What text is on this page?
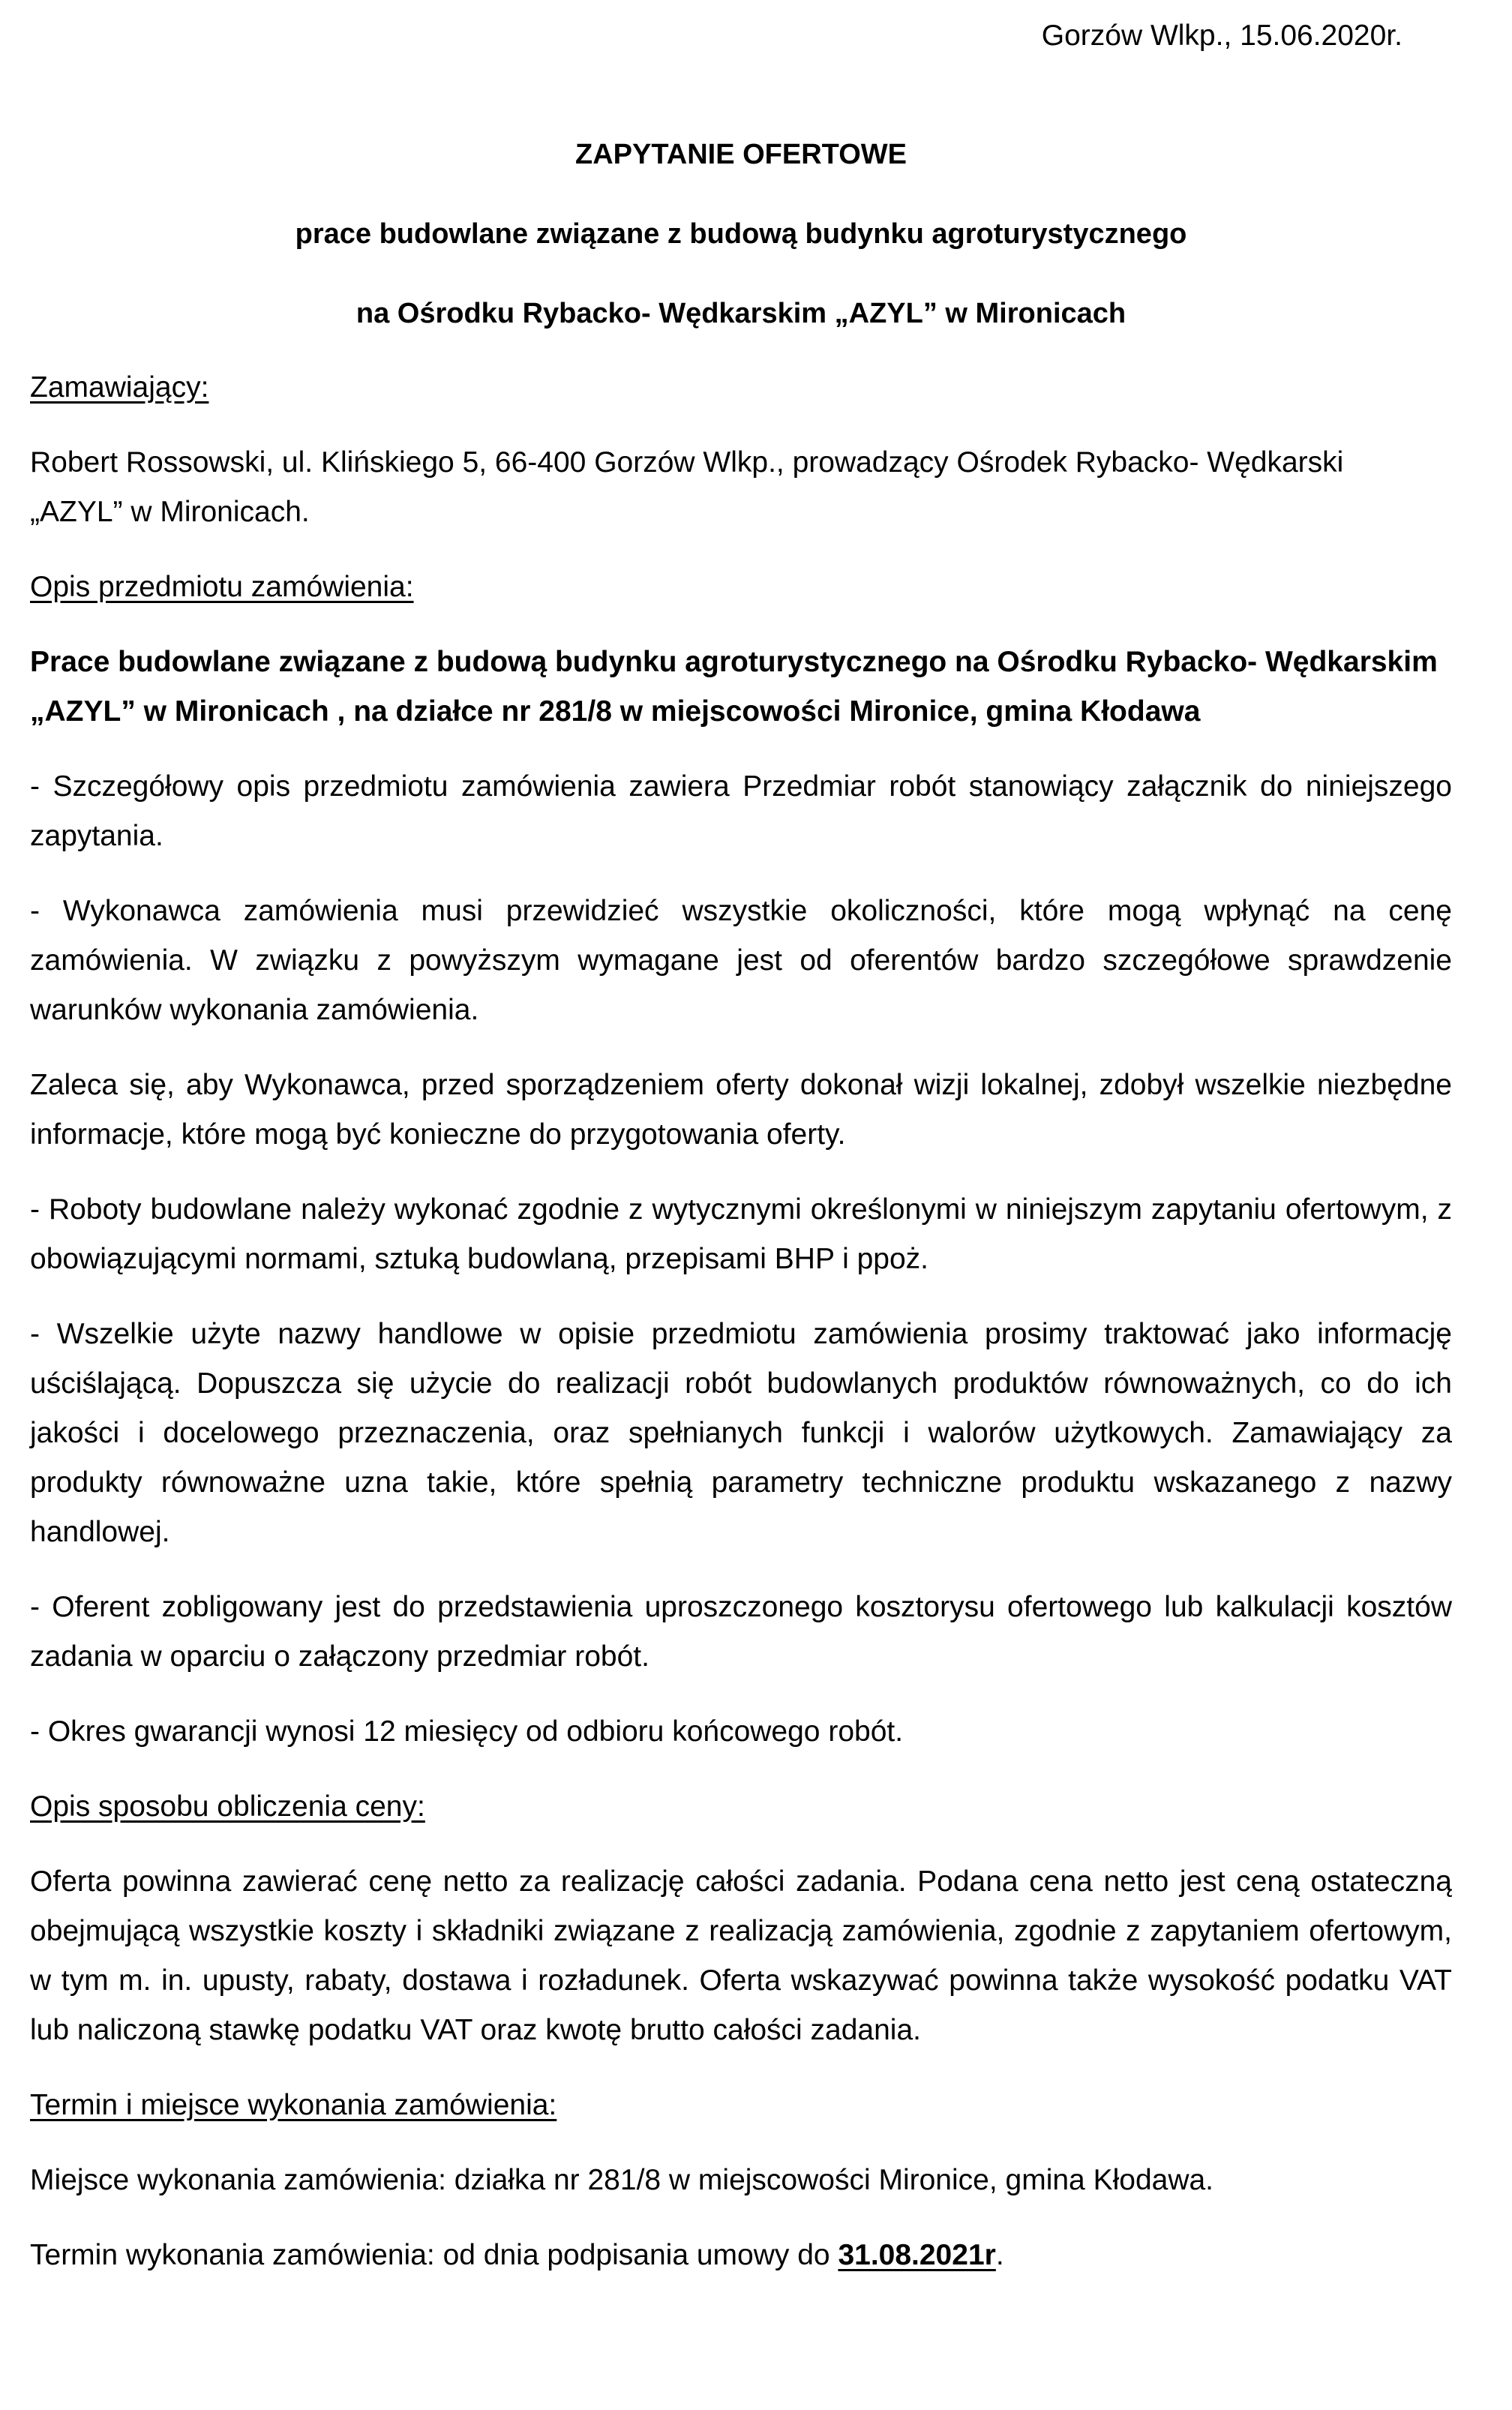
Gorzów Wlkp., 15.06.2020r.
ZAPYTANIE OFERTOWE
prace budowlane związane z budową budynku agroturystycznego
na Ośrodku Rybacko- Wędkarskim „AZYL” w Mironicach
Zamawiający:
Robert Rossowski, ul. Klińskiego 5, 66-400 Gorzów Wlkp., prowadzący Ośrodek Rybacko- Wędkarski „AZYL” w Mironicach.
Opis przedmiotu zamówienia:
Prace budowlane związane z budową budynku agroturystycznego na Ośrodku Rybacko- Wędkarskim „AZYL” w Mironicach , na działce nr 281/8 w miejscowości Mironice, gmina Kłodawa
- Szczegółowy opis przedmiotu zamówienia zawiera Przedmiar robót stanowiący załącznik do niniejszego zapytania.
- Wykonawca zamówienia musi przewidzieć wszystkie okoliczności, które mogą wpłynąć na cenę zamówienia. W związku z powyższym wymagane jest od oferentów bardzo szczegółowe sprawdzenie warunków wykonania zamówienia.
Zaleca się, aby Wykonawca, przed sporządzeniem oferty dokonał wizji lokalnej, zdobył wszelkie niezbędne informacje, które mogą być konieczne do przygotowania oferty.
- Roboty budowlane należy wykonać zgodnie z wytycznymi określonymi w niniejszym zapytaniu ofertowym, z obowiązującymi normami, sztuką budowlaną, przepisami BHP i ppoż.
- Wszelkie użyte nazwy handlowe w opisie przedmiotu zamówienia prosimy traktować jako informację uściślającą. Dopuszcza się użycie do realizacji robót budowlanych produktów równoważnych, co do ich jakości i docelowego przeznaczenia, oraz spełnianych funkcji i walorów użytkowych. Zamawiający za produkty równoważne uzna takie, które spełnią parametry techniczne produktu wskazanego z nazwy handlowej.
- Oferent zobligowany jest do przedstawienia uproszczonego kosztorysu ofertowego lub kalkulacji kosztów zadania w oparciu o załączony przedmiar robót.
- Okres gwarancji wynosi 12 miesięcy od odbioru końcowego robót.
Opis sposobu obliczenia ceny:
Oferta powinna zawierać cenę netto za realizację całości zadania. Podana cena netto jest ceną ostateczną obejmującą wszystkie koszty i składniki związane z realizacją zamówienia, zgodnie z zapytaniem ofertowym, w tym m. in. upusty, rabaty, dostawa i rozładunek. Oferta wskazywać powinna także wysokość podatku VAT lub naliczoną stawkę podatku VAT oraz kwotę brutto całości zadania.
Termin i miejsce wykonania zamówienia:
Miejsce wykonania zamówienia: działka nr 281/8 w miejscowości Mironice, gmina Kłodawa.
Termin wykonania zamówienia: od dnia podpisania umowy do 31.08.2021r.
